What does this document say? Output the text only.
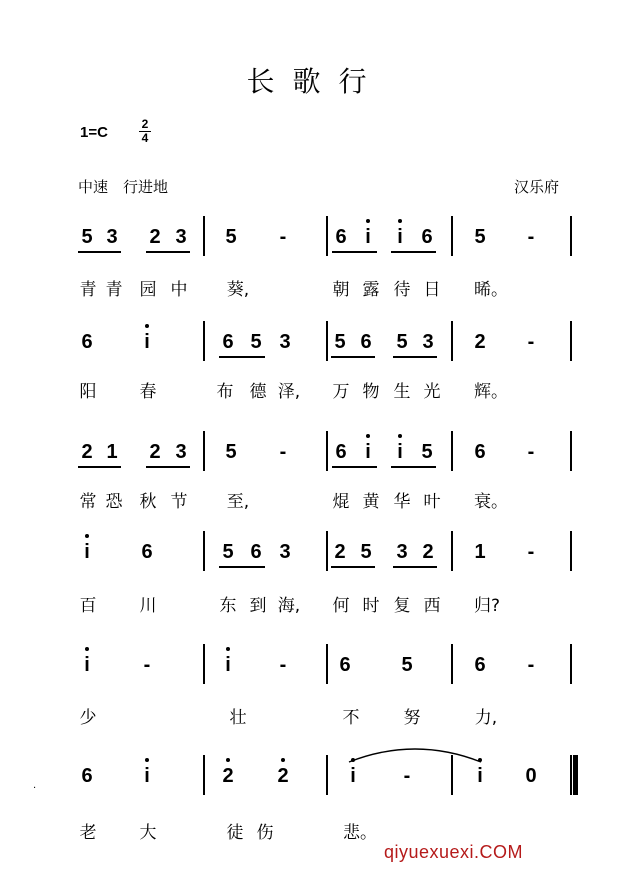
长歌行
1=C	2
4
中速　行进地	汉乐府
·
qiyuexuexi.COM
5 3	2 3	5	-	6 i	i 6	5	-
青 青 园 中 葵,	朝 露 待 日 晞。
6	i	6 5 3	5 6	5 3	2	-
阳	春	布 德 泽, 万 物 生 光 辉。
2 1	2 3	5	-	6 i	i 5	6	-
常 恐 秋 节 至,	焜 黄 华 叶 衰。
i	6	5 6 3	2 5	3 2	1	-
百	川	东 到 海, 何 时 复 西 归?
i	-	i	-	6	5	6	-
少	壮	不	努	力,
6	i	2	2	i	-	i	0
老	大	徒 伤	悲。
